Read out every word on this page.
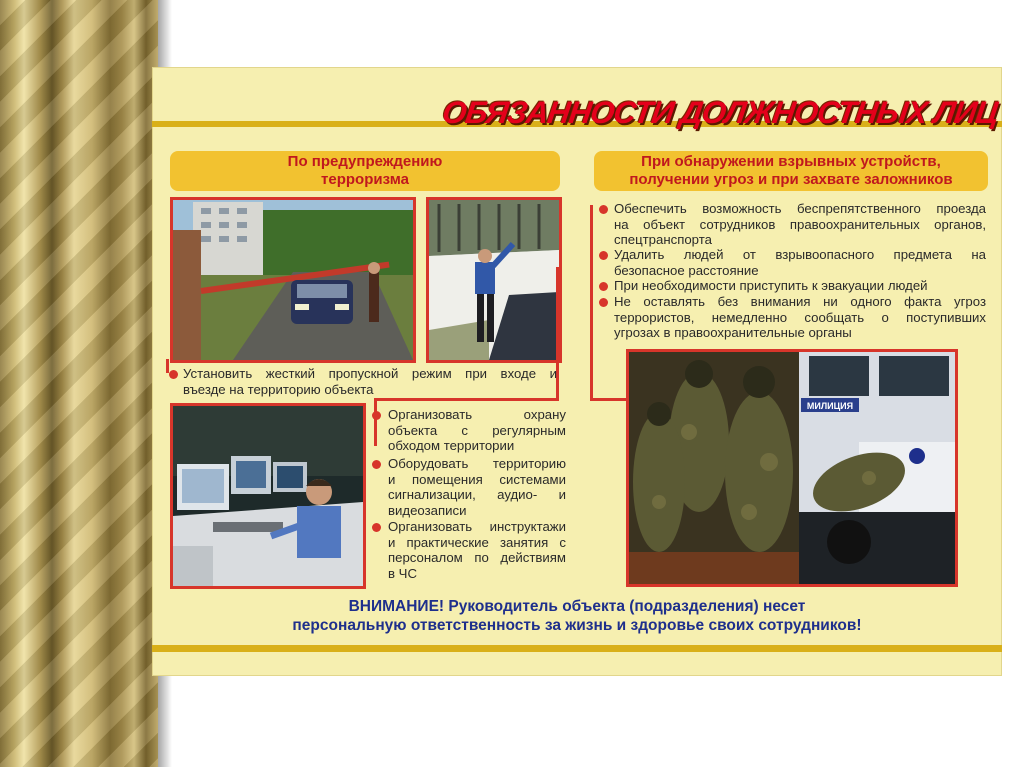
ОБЯЗАННОСТИ ДОЛЖНОСТНЫХ ЛИЦ
По предупреждению
терроризма
При обнаружении взрывных устройств,
получении угроз и при захвате заложников
Установить жесткий пропускной режим при входе и
въезде на территорию объекта
Организовать охрану
объекта с регулярным
обходом территории
Оборудовать территорию
и помещения системами
сигнализации, аудио- и
видеозаписи
Организовать инструктажи
и практические занятия с
персоналом по действиям
в ЧС
Обеспечить возможность беспрепятственного проезда
на объект сотрудников правоохранительных органов,
спецтранспорта
Удалить людей от взрывоопасного предмета на
безопасное расстояние
При необходимости приступить к эвакуации людей
Не оставлять без внимания ни одного факта угроз
террористов, немедленно сообщать о поступивших
угрозах в правоохранительные органы
МИЛИЦИЯ
ВНИМАНИЕ! Руководитель объекта (подразделения) несет
персональную ответственность за жизнь и здоровье своих сотрудников!
